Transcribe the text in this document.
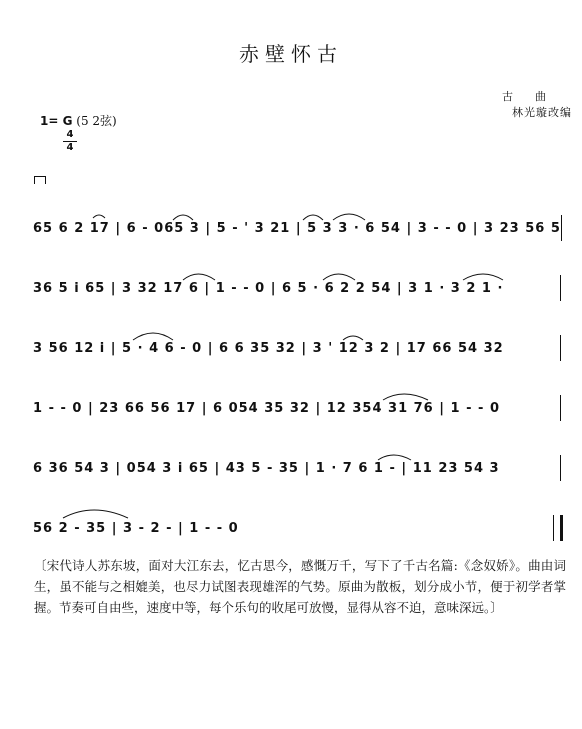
赤壁怀古
古曲
林光璇改编
1= G (5 2弦)
4
4
65 6 2 17 | 6 - 065 3 | 5 - ' 3 21 | 5 3 3 · 6 54 | 3 - - 0 | 3 23 56 5
36 5 i 65 | 3 32 17 6 | 1 - - 0 | 6 5 · 6 2 2 54 | 3 1 · 3 2 1 ·
3 56 12 i | 5 · 4 6 - 0 | 6 6 35 32 | 3 ' 12 3 2 | 17 66 54 32
1 - - 0 | 23 66 56 17 | 6 054 35 32 | 12 354 31 76 | 1 - - 0
6 36 54 3 | 054 3 i 65 | 43 5 - 35 | 1 · 7 6 1 - | 11 23 54 3
56 2 - 35 | 3 - 2 - | 1 - - 0
〔宋代诗人苏东坡，面对大江东去，忆古思今，感慨万千，写下了千古名篇:《念奴娇》。曲由词生，虽不能与之相媲美，也尽力试图表现雄浑的气势。原曲为散板，划分成小节，便于初学者掌握。节奏可自由些，速度中等，每个乐句的收尾可放慢，显得从容不迫，意味深远。〕
